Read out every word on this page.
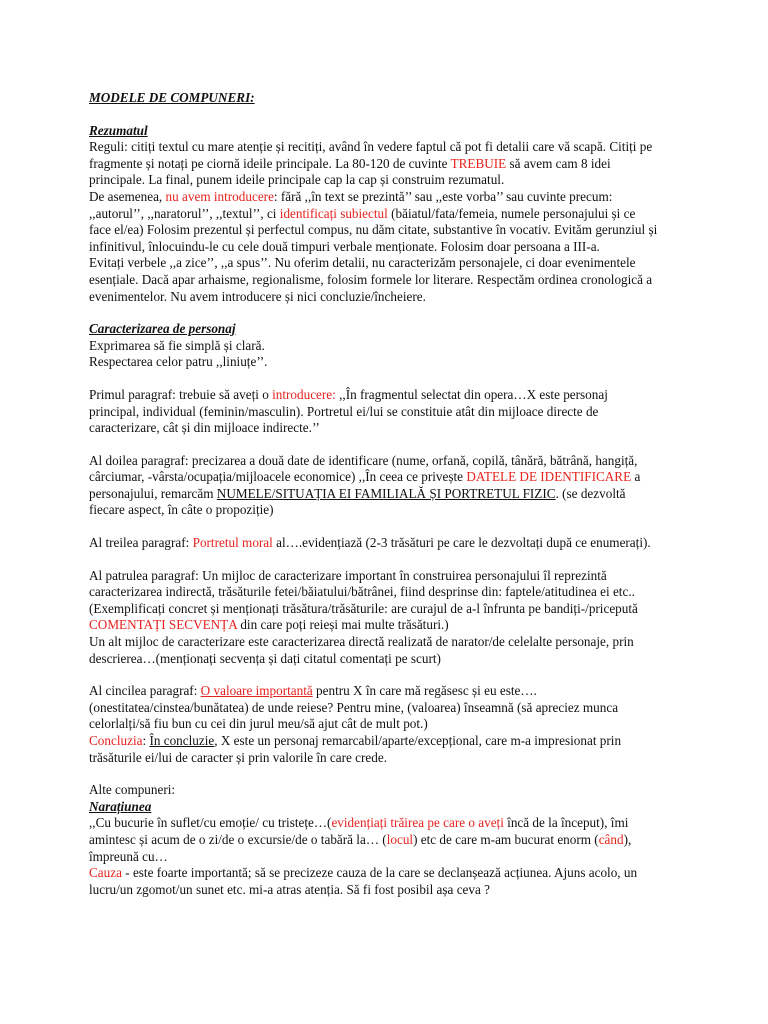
MODELE DE COMPUNERI:

Rezumatul

Reguli: citiți textul cu mare atenție și recitiți, având în vedere faptul că pot fi detalii care vă scapă. Citiți pe fragmente și notați pe ciornă ideile principale. La 80-120 de cuvinte TREBUIE să avem cam 8 idei principale. La final, punem ideile principale cap la cap și construim rezumatul.

De asemenea, nu avem introducere: fără ,,în text se prezintă’’ sau ,,este vorba’’ sau cuvinte precum: ,,autorul’’, ,,naratorul’’, ,,textul’’, ci identificați subiectul (băiatul/fata/femeia, numele personajului și ce face el/ea) Folosim prezentul și perfectul compus, nu dăm citate, substantive în vocativ. Evităm gerunziul și infinitivul, înlocuindu-le cu cele două timpuri verbale menționate. Folosim doar persoana a III-a.

Evitați verbele ,,a zice’’, ,,a spus’’. Nu oferim detalii, nu caracterizăm personajele, ci doar evenimentele esențiale. Dacă apar arhaisme, regionalisme, folosim formele lor literare. Respectăm ordinea cronologică a evenimentelor. Nu avem introducere și nici concluzie/încheiere.

Caracterizarea de personaj

Exprimarea să fie simplă și clară.

Respectarea celor patru ,,liniuțe’’.

Primul paragraf: trebuie să aveți o introducere: ,,În fragmentul selectat din opera…X este personaj principal, individual (feminin/masculin). Portretul ei/lui se constituie atât din mijloace directe de caracterizare, cât și din mijloace indirecte.’’

Al doilea paragraf: precizarea a două date de identificare (nume, orfană, copilă, tânără, bătrână, hangiță, cârciumar, -vârsta/ocupația/mijloacele economice) ,,În ceea ce privește DATELE DE IDENTIFICARE a personajului, remarcăm NUMELE/SITUAȚIA EI FAMILIALĂ ȘI PORTRETUL FIZIC. (se dezvoltă fiecare aspect, în câte o propoziție)

Al treilea paragraf: Portretul moral al….evidențiază (2-3 trăsături pe care le dezvoltați după ce enumerați).

Al patrulea paragraf: Un mijloc de caracterizare important în construirea personajului îl reprezintă caracterizarea indirectă, trăsăturile fetei/băiatului/bătrânei, fiind desprinse din: faptele/atitudinea ei etc.. (Exemplificați concret și menționați trăsătura/trăsăturile: are curajul de a-l înfrunta pe bandiți-/pricepută COMENTAȚI SECVENȚA din care poți reieși mai multe trăsături.)

Un alt mijloc de caracterizare este caracterizarea directă realizată de narator/de celelalte personaje, prin descrierea…(menționați secvența și dați citatul comentați pe scurt)

Al cincilea paragraf: O valoare importantă pentru X în care mă regăsesc și eu este….(onestitatea/cinstea/bunătatea) de unde reiese? Pentru mine, (valoarea) înseamnă (să apreciez munca celorlalți/să fiu bun cu cei din jurul meu/să ajut cât de mult pot.)

Concluzia: În concluzie, X este un personaj remarcabil/aparte/excepțional, care m-a impresionat prin trăsăturile ei/lui de caracter și prin valorile în care crede.

Alte compuneri:

Narațiunea

,,Cu bucurie în suflet/cu emoție/ cu tristețe…(evidențiați trăirea pe care o aveți încă de la început), îmi amintesc și acum de o zi/de o excursie/de o tabără la… (locul) etc de care m-am bucurat enorm (când), împreună cu…

Cauza - este foarte importantă; să se precizeze cauza de la care se declanșează acțiunea. Ajuns acolo, un lucru/un zgomot/un sunet etc. mi-a atras atenția. Să fi fost posibil așa ceva ?
